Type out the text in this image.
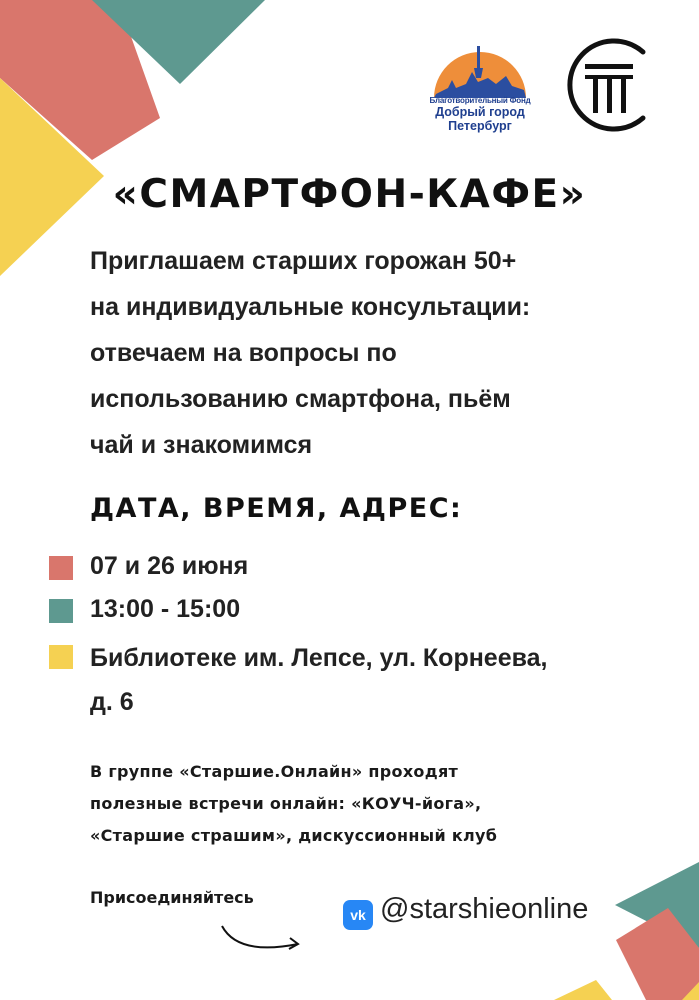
Благотворительный Фонд
Добрый город
Петербург
«СМАРТФОН-КАФЕ»
Приглашаем старших горожан 50+
на индивидуальные консультации:
отвечаем на вопросы по
использованию смартфона, пьём
чай и знакомимся
ДАТА, ВРЕМЯ, АДРЕС:
07 и 26 июня
13:00 - 15:00
Библиотеке им. Лепсе, ул. Корнеева,
д. 6
В группе «Старшие.Онлайн» проходят
полезные встречи онлайн: «КОУЧ-йога»,
«Старшие страшим», дискуссионный клуб
Присоединяйтесь
vk @starshieonline
